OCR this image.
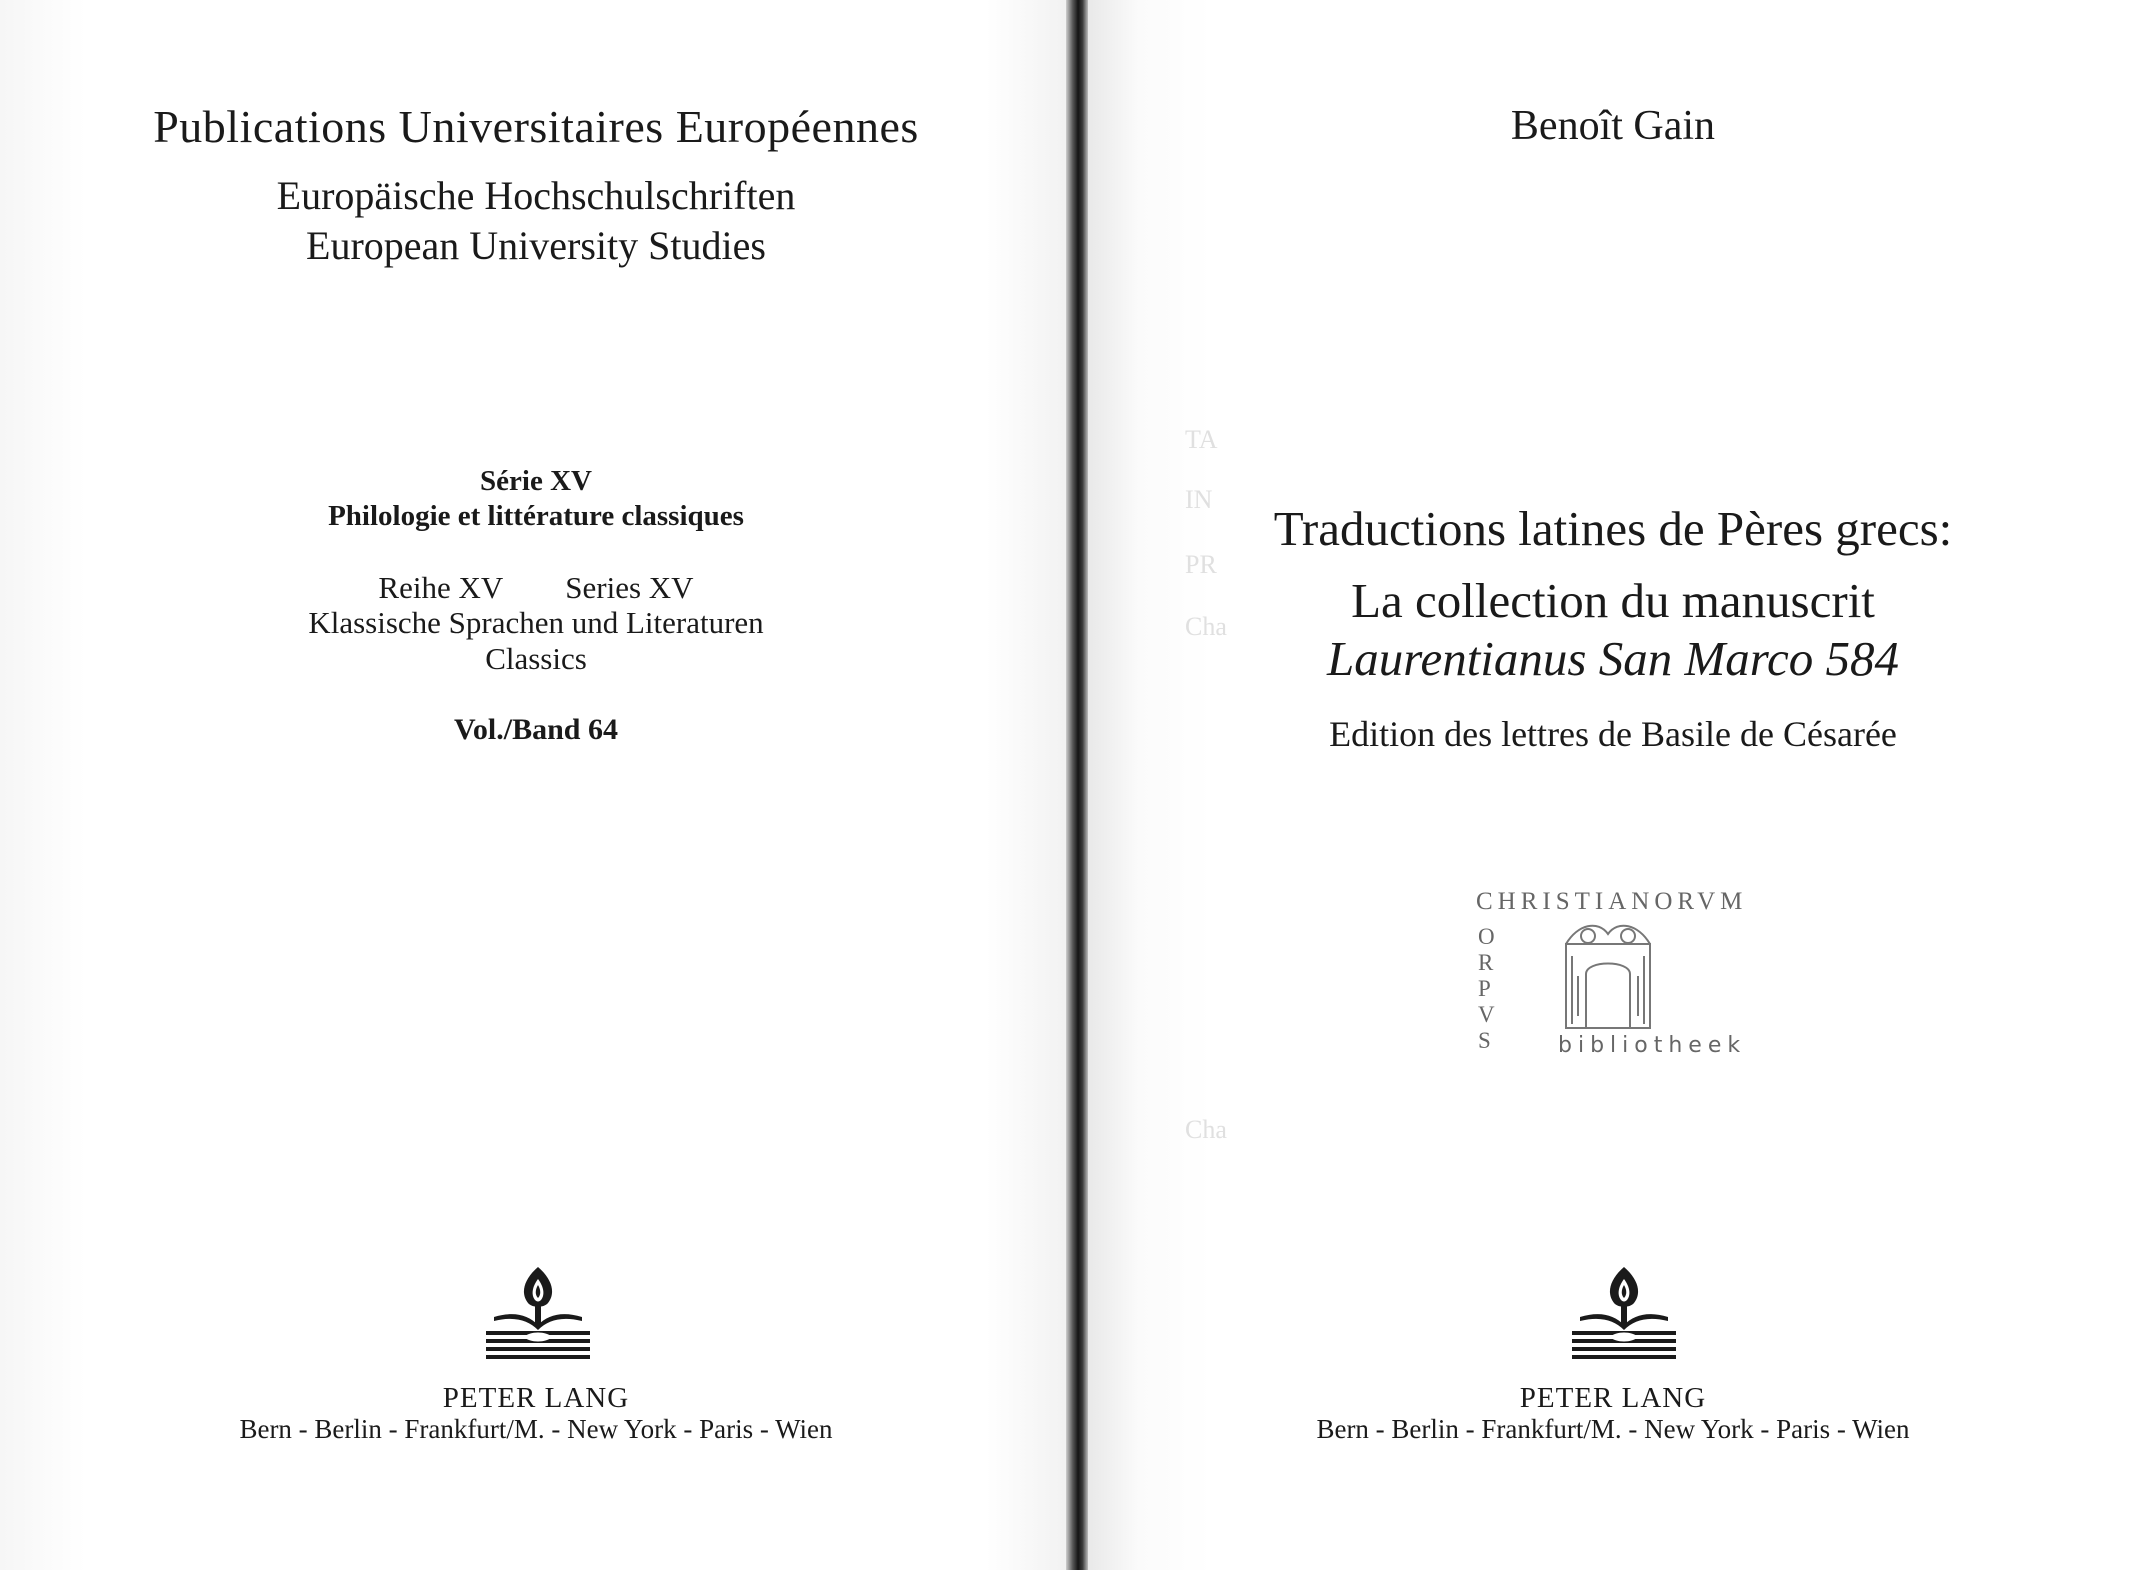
TA
IN
PR
Cha
Cha
Publications Universitaires Européennes
Europäische Hochschulschriften
European University Studies
Série XV
Philologie et littérature classiques
Reihe XV Series XV
Klassische Sprachen und Literaturen
Classics
Vol./Band 64
PETER LANG
Bern - Berlin - Frankfurt/M. - New York - Paris - Wien
Benoît Gain
Traductions latines de Pères grecs:
La collection du manuscrit
Laurentianus San Marco 584
Edition des lettres de Basile de Césarée
CHRISTIANORVM
O
R
P
V
S	bibliotheek
PETER LANG
Bern - Berlin - Frankfurt/M. - New York - Paris - Wien
